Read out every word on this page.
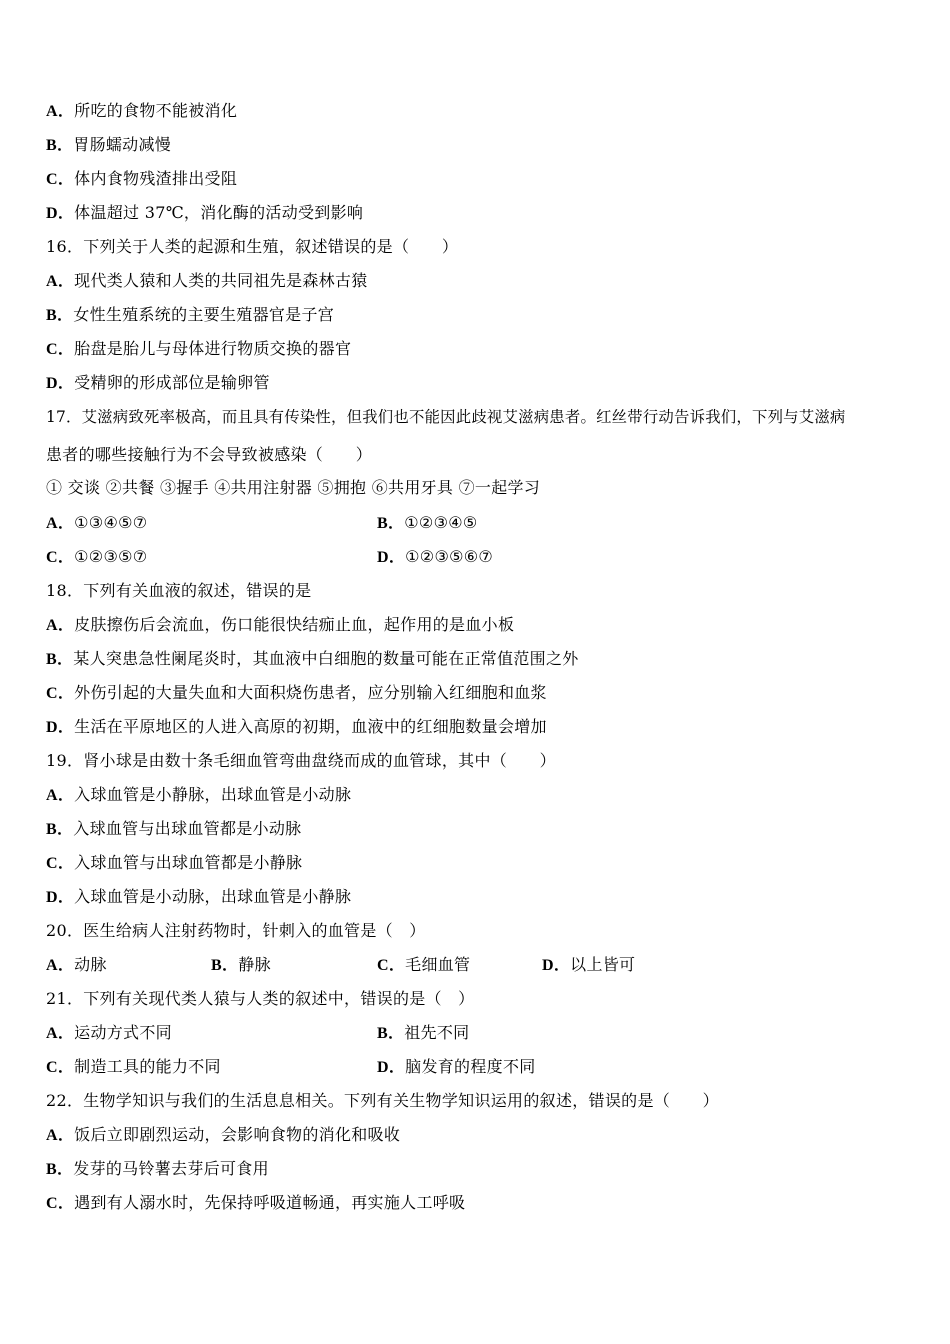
A．所吃的食物不能被消化
B．胃肠蠕动减慢
C．体内食物残渣排出受阻
D．体温超过 37℃，消化酶的活动受到影响
16．下列关于人类的起源和生殖，叙述错误的是（　　）
A．现代类人猿和人类的共同祖先是森林古猿
B．女性生殖系统的主要生殖器官是子宫
C．胎盘是胎儿与母体进行物质交换的器官
D．受精卵的形成部位是输卵管
17．艾滋病致死率极高，而且具有传染性，但我们也不能因此歧视艾滋病患者。红丝带行动告诉我们，下列与艾滋病
患者的哪些接触行为不会导致被感染（　　）
① 交谈 ②共餐 ③握手 ④共用注射器 ⑤拥抱 ⑥共用牙具 ⑦一起学习
A．①③④⑤⑦	B．①②③④⑤
C．①②③⑤⑦	D．①②③⑤⑥⑦
18．下列有关血液的叙述，错误的是
A．皮肤擦伤后会流血，伤口能很快结痂止血，起作用的是血小板
B．某人突患急性阑尾炎时，其血液中白细胞的数量可能在正常值范围之外
C．外伤引起的大量失血和大面积烧伤患者，应分别输入红细胞和血浆
D．生活在平原地区的人进入高原的初期，血液中的红细胞数量会增加
19．肾小球是由数十条毛细血管弯曲盘绕而成的血管球，其中（　　）
A．入球血管是小静脉，出球血管是小动脉
B．入球血管与出球血管都是小动脉
C．入球血管与出球血管都是小静脉
D．入球血管是小动脉，出球血管是小静脉
20．医生给病人注射药物时，针刺入的血管是（　）
A．动脉	B．静脉	C．毛细血管	D．以上皆可
21．下列有关现代类人猿与人类的叙述中，错误的是（　）
A．运动方式不同	B．祖先不同
C．制造工具的能力不同	D．脑发育的程度不同
22．生物学知识与我们的生活息息相关。下列有关生物学知识运用的叙述，错误的是（　　）
A．饭后立即剧烈运动，会影响食物的消化和吸收
B．发芽的马铃薯去芽后可食用
C．遇到有人溺水时，先保持呼吸道畅通，再实施人工呼吸
